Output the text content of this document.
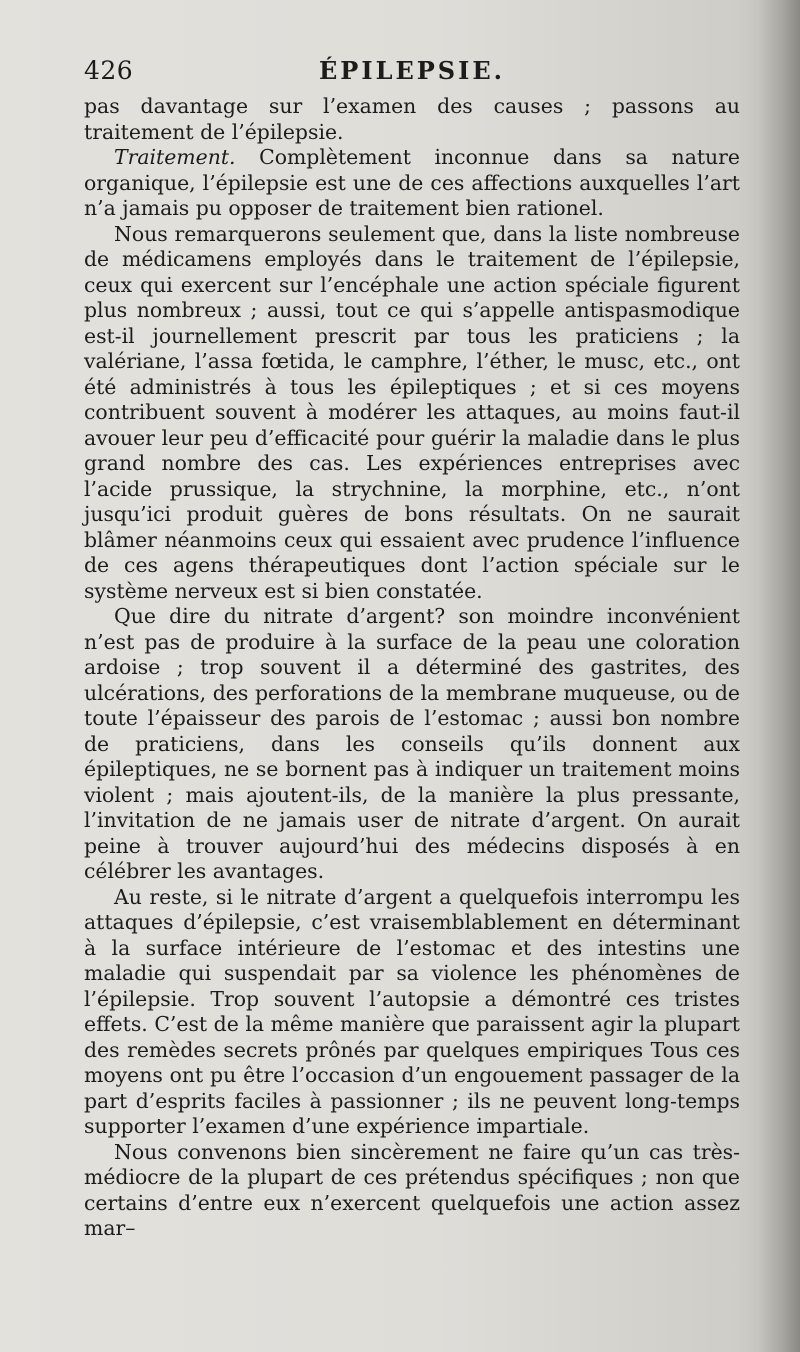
426	ÉPILEPSIE.

pas davantage sur l’examen des causes ; passons au traitement de l’épilepsie.

Traitement. Complètement inconnue dans sa nature organique, l’épilepsie est une de ces affections auxquelles l’art n’a jamais pu opposer de traitement bien rationel.

Nous remarquerons seulement que, dans la liste nombreuse de médicamens employés dans le traitement de l’épilepsie, ceux qui exercent sur l’encéphale une action spéciale figurent plus nombreux ; aussi, tout ce qui s’appelle antispasmodique est-il journellement prescrit par tous les praticiens ; la valériane, l’assa fœtida, le camphre, l’éther, le musc, etc., ont été administrés à tous les épileptiques ; et si ces moyens contribuent souvent à modérer les attaques, au moins faut-il avouer leur peu d’efficacité pour guérir la maladie dans le plus grand nombre des cas. Les expériences entreprises avec l’acide prussique, la strychnine, la morphine, etc., n’ont jusqu’ici produit guères de bons résultats. On ne saurait blâmer néanmoins ceux qui essaient avec prudence l’influence de ces agens thérapeutiques dont l’action spéciale sur le système nerveux est si bien constatée.

Que dire du nitrate d’argent? son moindre inconvénient n’est pas de produire à la surface de la peau une coloration ardoise ; trop souvent il a déterminé des gastrites, des ulcérations, des perforations de la membrane muqueuse, ou de toute l’épaisseur des parois de l’estomac ; aussi bon nombre de praticiens, dans les conseils qu’ils donnent aux épileptiques, ne se bornent pas à indiquer un traitement moins violent ; mais ajoutent-ils, de la manière la plus pressante, l’invitation de ne jamais user de nitrate d’argent. On aurait peine à trouver aujourd’hui des médecins disposés à en célébrer les avantages.

Au reste, si le nitrate d’argent a quelquefois interrompu les attaques d’épilepsie, c’est vraisemblablement en déterminant à la surface intérieure de l’estomac et des intestins une maladie qui suspendait par sa violence les phénomènes de l’épilepsie. Trop souvent l’autopsie a démontré ces tristes effets. C’est de la même manière que paraissent agir la plupart des remèdes secrets prônés par quelques empiriques Tous ces moyens ont pu être l’occasion d’un engouement passager de la part d’esprits faciles à passionner ; ils ne peuvent long-temps supporter l’examen d’une expérience impartiale.

Nous convenons bien sincèrement ne faire qu’un cas très-médiocre de la plupart de ces prétendus spécifiques ; non que certains d’entre eux n’exercent quelquefois une action assez mar–
